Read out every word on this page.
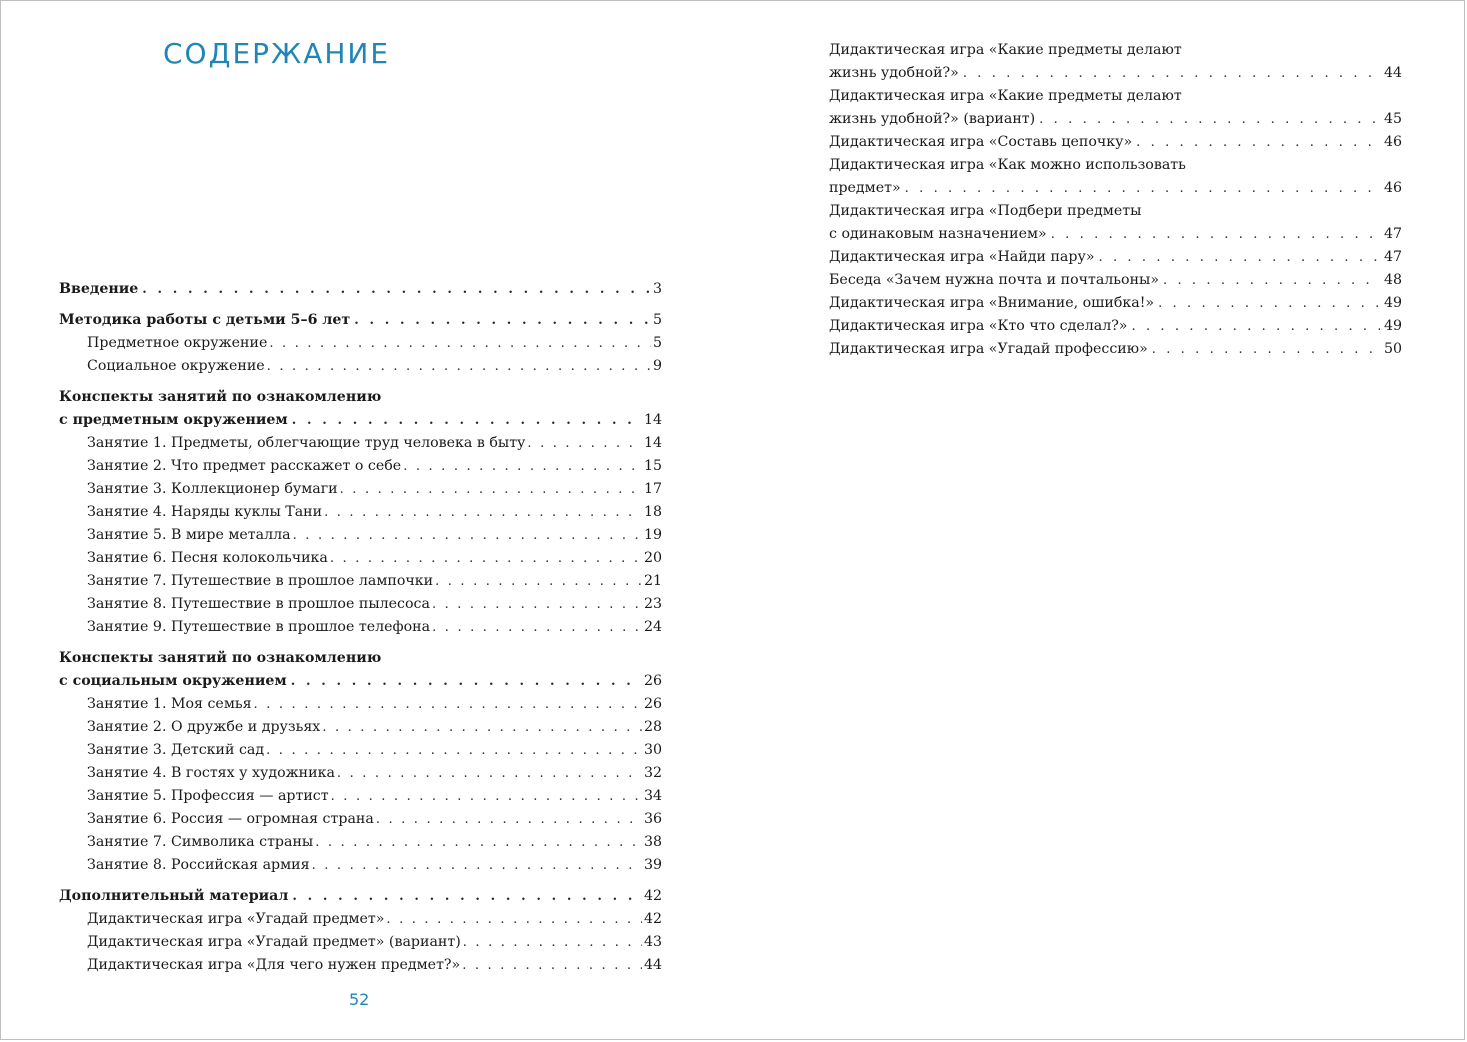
СОДЕРЖАНИЕ
Введение . . .	3
Методика работы с детьми 5–6 лет . . .	5
Предметное окружение . . .	5
Социальное окружение . . .	9
Конспекты занятий по ознакомлению
с предметным окружением . . .	14
Занятие 1. Предметы, облегчающие труд человека в быту . . .	14
Занятие 2. Что предмет расскажет о себе . . .	15
Занятие 3. Коллекционер бумаги . . .	17
Занятие 4. Наряды куклы Тани . . .	18
Занятие 5. В мире металла . . .	19
Занятие 6. Песня колокольчика . . .	20
Занятие 7. Путешествие в прошлое лампочки . . .	21
Занятие 8. Путешествие в прошлое пылесоса . . .	23
Занятие 9. Путешествие в прошлое телефона . . .	24
Конспекты занятий по ознакомлению
с социальным окружением . . .	26
Занятие 1. Моя семья . . .	26
Занятие 2. О дружбе и друзьях . . .	28
Занятие 3. Детский сад . . .	30
Занятие 4. В гостях у художника . . .	32
Занятие 5. Профессия — артист . . .	34
Занятие 6. Россия — огромная страна . . .	36
Занятие 7. Символика страны . . .	38
Занятие 8. Российская армия . . .	39
Дополнительный материал . . .	42
Дидактическая игра «Угадай предмет» . . .	42
Дидактическая игра «Угадай предмет» (вариант) . . .	43
Дидактическая игра «Для чего нужен предмет?» . . .	44
52
Дидактическая игра «Какие предметы делают
жизнь удобной?» . . .	44
Дидактическая игра «Какие предметы делают
жизнь удобной?» (вариант) . . .	45
Дидактическая игра «Составь цепочку» . . .	46
Дидактическая игра «Как можно использовать
предмет» . . .	46
Дидактическая игра «Подбери предметы
с одинаковым назначением» . . .	47
Дидактическая игра «Найди пару» . . .	47
Беседа «Зачем нужна почта и почтальоны» . . .	48
Дидактическая игра «Внимание, ошибка!» . . .	49
Дидактическая игра «Кто что сделал?» . . .	49
Дидактическая игра «Угадай профессию» . . .	50
